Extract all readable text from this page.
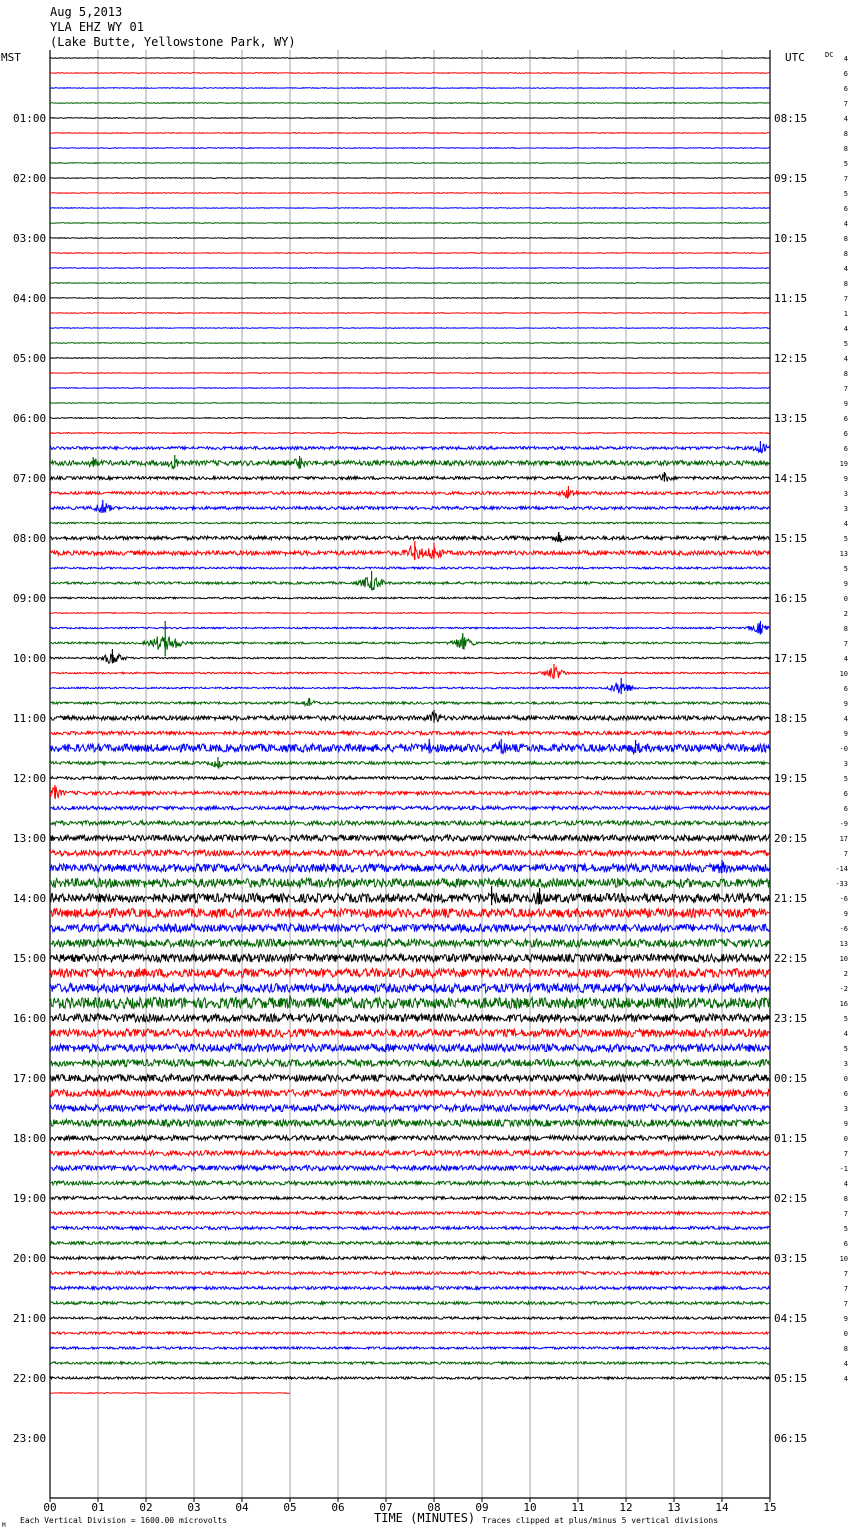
Aug 5,2013
YLA EHZ WY 01
(Lake Butte, Yellowstone Park, WY)
MST	UTC	DC
01:00
02:00
03:00
04:00
05:00
06:00
07:00
08:00
09:00
10:00
11:00
12:00
13:00
14:00
15:00
16:00
17:00
18:00
19:00
20:00
21:00
22:00
23:00
08:15
09:15
10:15
11:15
12:15
13:15
14:15
15:15
16:15
17:15
18:15
19:15
20:15
21:15
22:15
23:15
00:15
01:15
02:15
03:15
04:15
05:15
06:15
4
6
6
7
4
8
8
5
7
5
6
4
8
8
4
8
7
1
4
5
4
8
7
9
6
6
6
19
9
3
3
4
5
13
5
9
0
2
8
7
4
10
6
9
4
9
-0
3
5
6
6
-9
17
7
-14
-33
-6
9
-6
13
10
2
-2
16
5
4
5
3
0
6
3
9
0
7
-1
4
8
7
5
6
10
7
7
7
9
0
8
4
4
00	01	02	03	04	05	06	07	08	09	10	11	12	13	14	15
TIME (MINUTES)
Each Vertical Division = 1600.00 microvolts	Traces clipped at plus/minus 5 vertical divisions
M
